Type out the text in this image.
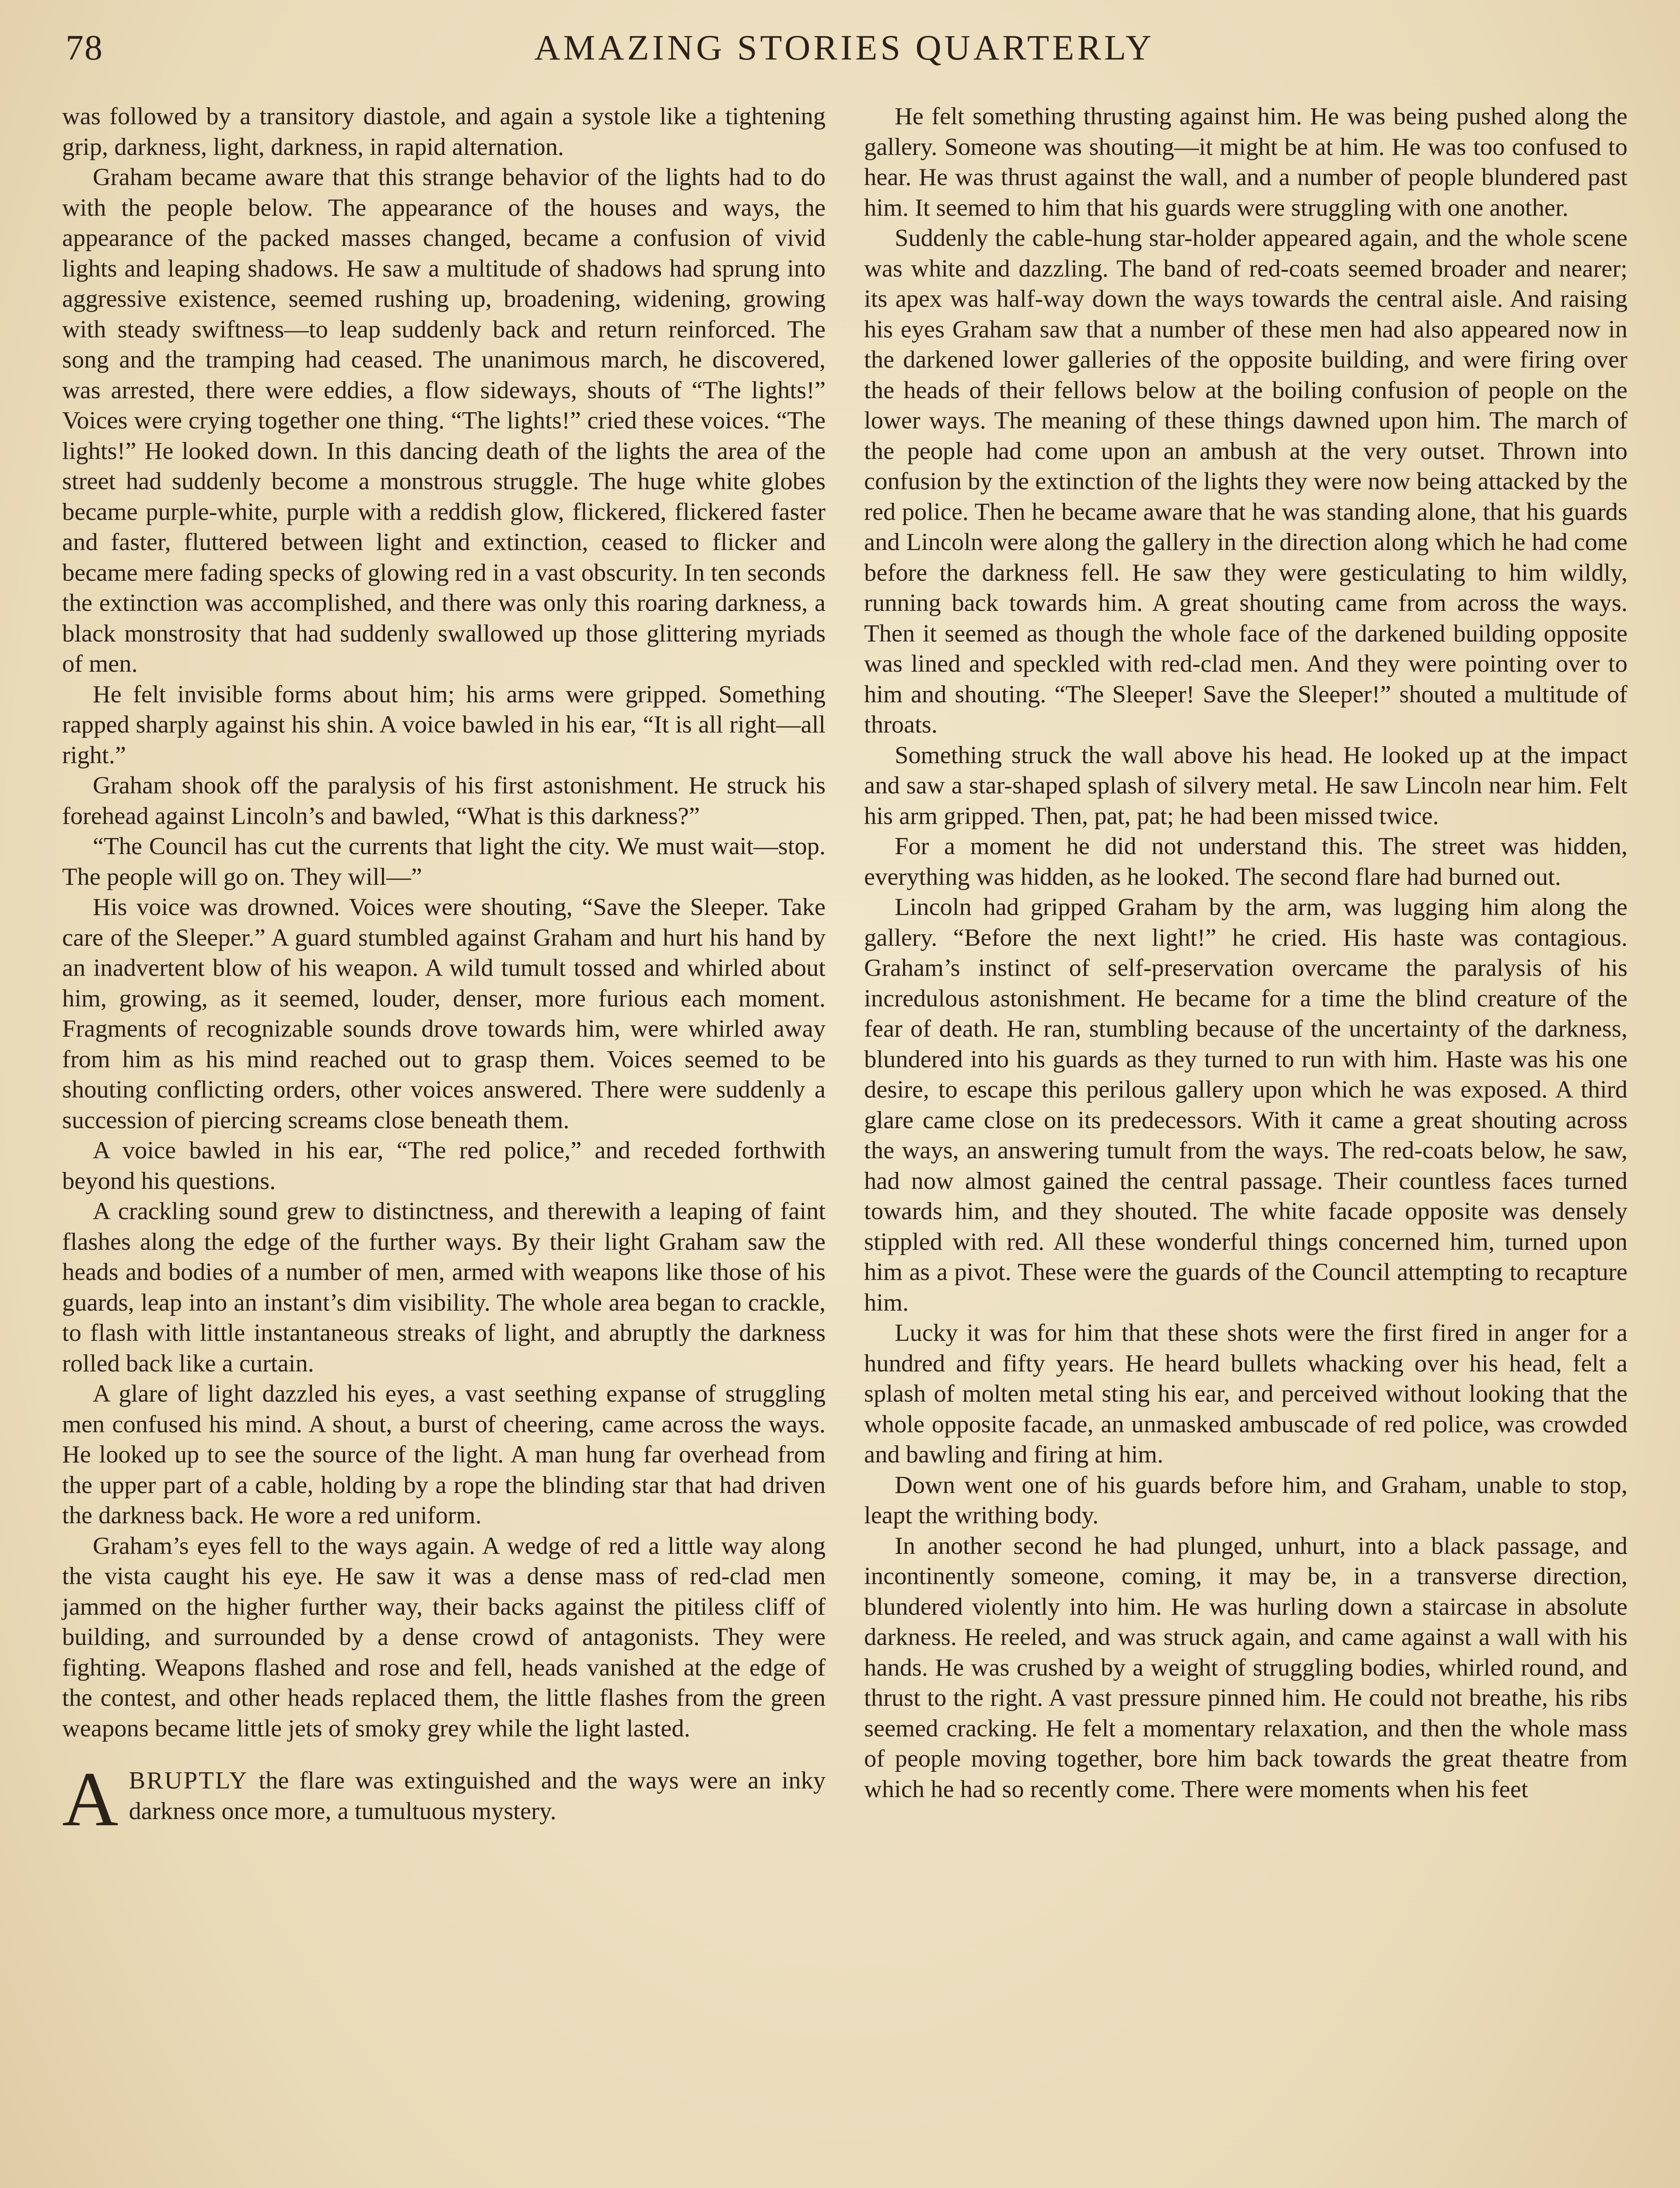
78	AMAZING STORIES QUARTERLY

was followed by a transitory diastole, and again a systole like a tightening grip, darkness, light, darkness, in rapid alternation.

Graham became aware that this strange behavior of the lights had to do with the people below. The appearance of the houses and ways, the appearance of the packed masses changed, became a confusion of vivid lights and leaping shadows. He saw a multitude of shadows had sprung into aggressive existence, seemed rushing up, broadening, widening, growing with steady swiftness—to leap suddenly back and return reinforced. The song and the tramping had ceased. The unanimous march, he discovered, was arrested, there were eddies, a flow sideways, shouts of “The lights!” Voices were crying together one thing. “The lights!” cried these voices. “The lights!” He looked down. In this dancing death of the lights the area of the street had suddenly become a monstrous struggle. The huge white globes became purple-white, purple with a reddish glow, flickered, flickered faster and faster, fluttered between light and extinction, ceased to flicker and became mere fading specks of glowing red in a vast obscurity. In ten seconds the extinction was accomplished, and there was only this roaring darkness, a black monstrosity that had suddenly swallowed up those glittering myriads of men.

He felt invisible forms about him; his arms were gripped. Something rapped sharply against his shin. A voice bawled in his ear, “It is all right—all right.”

Graham shook off the paralysis of his first astonishment. He struck his forehead against Lincoln’s and bawled, “What is this darkness?”

“The Council has cut the currents that light the city. We must wait—stop. The people will go on. They will—”

His voice was drowned. Voices were shouting, “Save the Sleeper. Take care of the Sleeper.” A guard stumbled against Graham and hurt his hand by an inadvertent blow of his weapon. A wild tumult tossed and whirled about him, growing, as it seemed, louder, denser, more furious each moment. Fragments of recognizable sounds drove towards him, were whirled away from him as his mind reached out to grasp them. Voices seemed to be shouting conflicting orders, other voices answered. There were suddenly a succession of piercing screams close beneath them.

A voice bawled in his ear, “The red police,” and receded forthwith beyond his questions.

A crackling sound grew to distinctness, and therewith a leaping of faint flashes along the edge of the further ways. By their light Graham saw the heads and bodies of a number of men, armed with weapons like those of his guards, leap into an instant’s dim visibility. The whole area began to crackle, to flash with little instantaneous streaks of light, and abruptly the darkness rolled back like a curtain.

A glare of light dazzled his eyes, a vast seething expanse of struggling men confused his mind. A shout, a burst of cheering, came across the ways. He looked up to see the source of the light. A man hung far overhead from the upper part of a cable, holding by a rope the blinding star that had driven the darkness back. He wore a red uniform.

Graham’s eyes fell to the ways again. A wedge of red a little way along the vista caught his eye. He saw it was a dense mass of red-clad men jammed on the higher further way, their backs against the pitiless cliff of building, and surrounded by a dense crowd of antagonists. They were fighting. Weapons flashed and rose and fell, heads vanished at the edge of the contest, and other heads replaced them, the little flashes from the green weapons became little jets of smoky grey while the light lasted.

ABRUPTLY the flare was extinguished and the ways were an inky darkness once more, a tumultuous mystery.

He felt something thrusting against him. He was being pushed along the gallery. Someone was shouting—it might be at him. He was too confused to hear. He was thrust against the wall, and a number of people blundered past him. It seemed to him that his guards were struggling with one another.

Suddenly the cable-hung star-holder appeared again, and the whole scene was white and dazzling. The band of red-coats seemed broader and nearer; its apex was half-way down the ways towards the central aisle. And raising his eyes Graham saw that a number of these men had also appeared now in the darkened lower galleries of the opposite building, and were firing over the heads of their fellows below at the boiling confusion of people on the lower ways. The meaning of these things dawned upon him. The march of the people had come upon an ambush at the very outset. Thrown into confusion by the extinction of the lights they were now being attacked by the red police. Then he became aware that he was standing alone, that his guards and Lincoln were along the gallery in the direction along which he had come before the darkness fell. He saw they were gesticulating to him wildly, running back towards him. A great shouting came from across the ways. Then it seemed as though the whole face of the darkened building opposite was lined and speckled with red-clad men. And they were pointing over to him and shouting. “The Sleeper! Save the Sleeper!” shouted a multitude of throats.

Something struck the wall above his head. He looked up at the impact and saw a star-shaped splash of silvery metal. He saw Lincoln near him. Felt his arm gripped. Then, pat, pat; he had been missed twice.

For a moment he did not understand this. The street was hidden, everything was hidden, as he looked. The second flare had burned out.

Lincoln had gripped Graham by the arm, was lugging him along the gallery. “Before the next light!” he cried. His haste was contagious. Graham’s instinct of self-preservation overcame the paralysis of his incredulous astonishment. He became for a time the blind creature of the fear of death. He ran, stumbling because of the uncertainty of the darkness, blundered into his guards as they turned to run with him. Haste was his one desire, to escape this perilous gallery upon which he was exposed. A third glare came close on its predecessors. With it came a great shouting across the ways, an answering tumult from the ways. The red-coats below, he saw, had now almost gained the central passage. Their countless faces turned towards him, and they shouted. The white facade opposite was densely stippled with red. All these wonderful things concerned him, turned upon him as a pivot. These were the guards of the Council attempting to recapture him.

Lucky it was for him that these shots were the first fired in anger for a hundred and fifty years. He heard bullets whacking over his head, felt a splash of molten metal sting his ear, and perceived without looking that the whole opposite facade, an unmasked ambuscade of red police, was crowded and bawling and firing at him.

Down went one of his guards before him, and Graham, unable to stop, leapt the writhing body.

In another second he had plunged, unhurt, into a black passage, and incontinently someone, coming, it may be, in a transverse direction, blundered violently into him. He was hurling down a staircase in absolute darkness. He reeled, and was struck again, and came against a wall with his hands. He was crushed by a weight of struggling bodies, whirled round, and thrust to the right. A vast pressure pinned him. He could not breathe, his ribs seemed cracking. He felt a momentary relaxation, and then the whole mass of people moving together, bore him back towards the great theatre from which he had so recently come. There were moments when his feet
